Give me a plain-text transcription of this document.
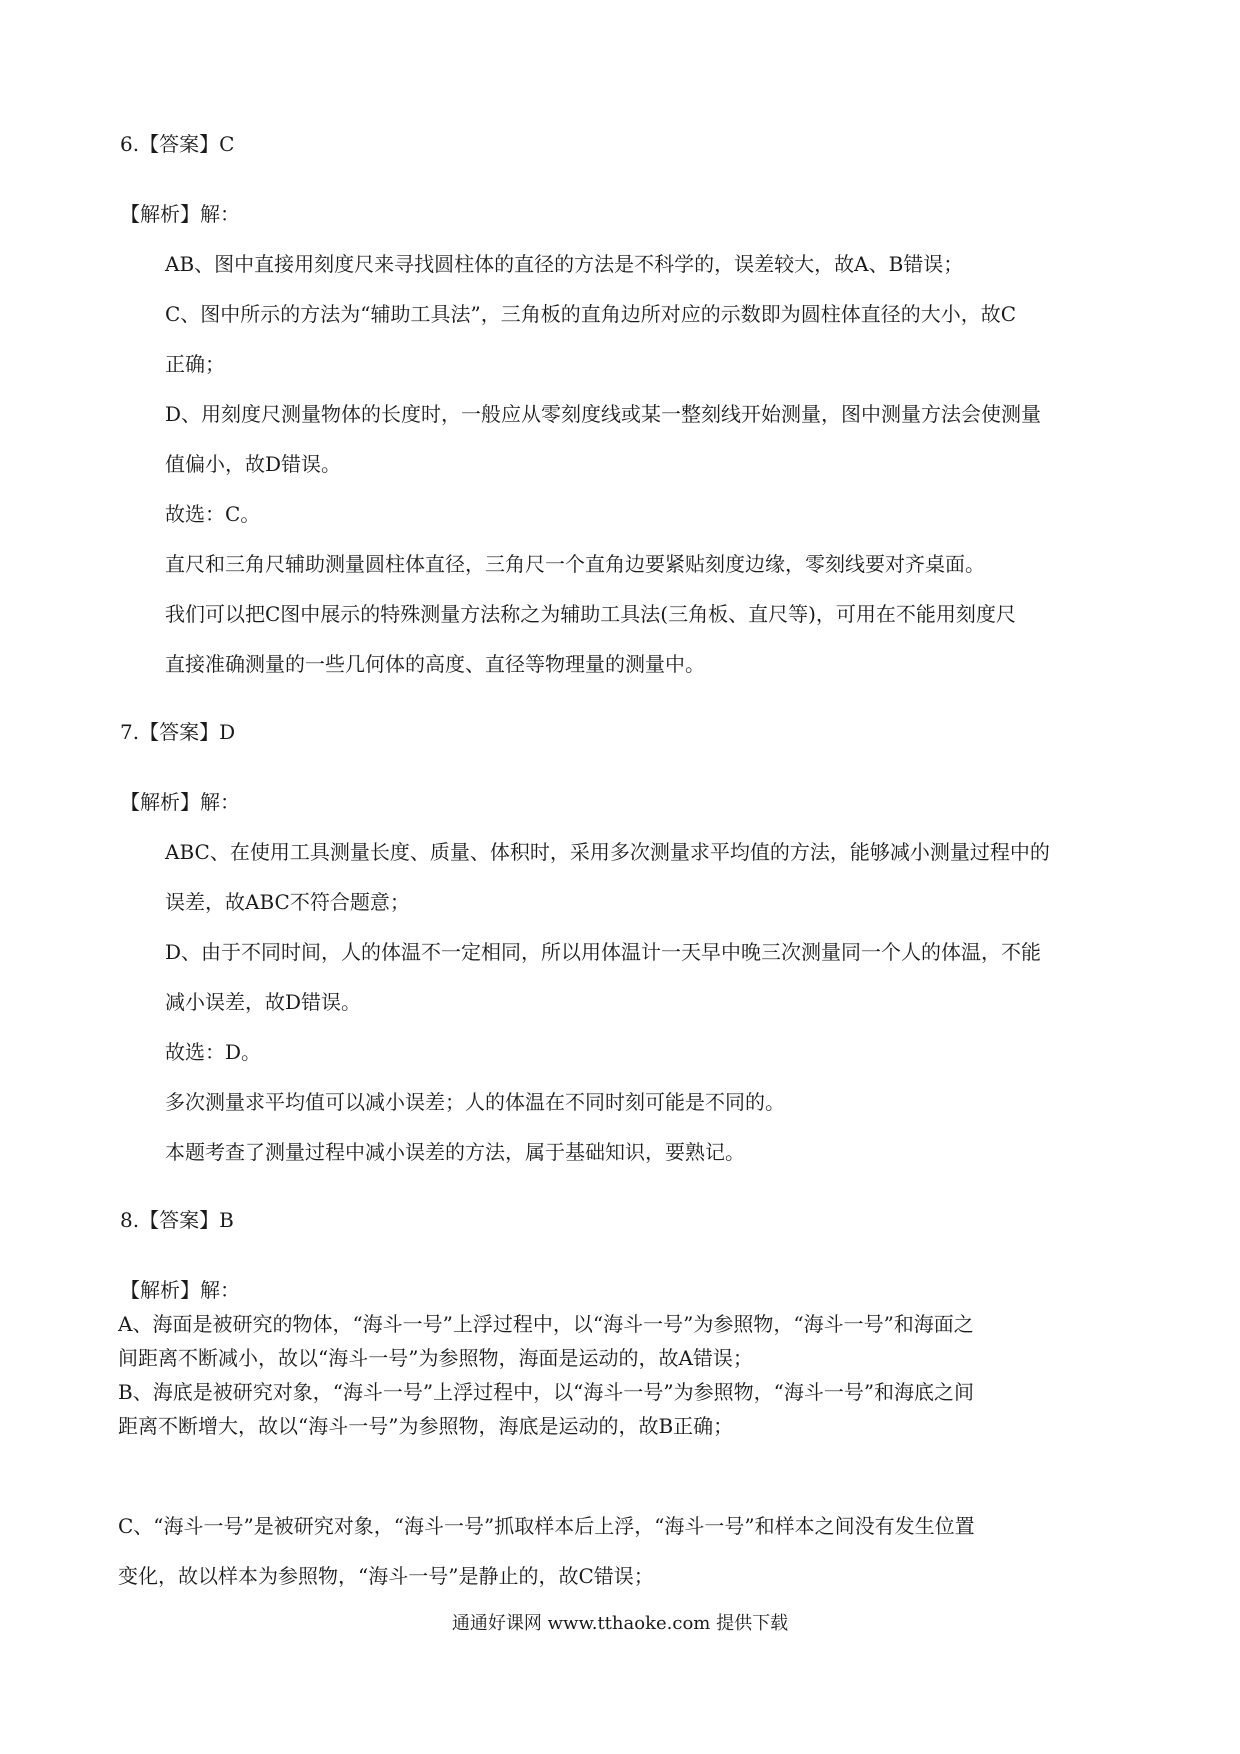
6.【答案】C
【解析】解：
AB、图中直接用刻度尺来寻找圆柱体的直径的方法是不科学的，误差较大，故A、B错误；
C、图中所示的方法为“辅助工具法”，三角板的直角边所对应的示数即为圆柱体直径的大小，故C
正确；
D、用刻度尺测量物体的长度时，一般应从零刻度线或某一整刻线开始测量，图中测量方法会使测量
值偏小，故D错误。
故选：C。
直尺和三角尺辅助测量圆柱体直径，三角尺一个直角边要紧贴刻度边缘，零刻线要对齐桌面。
我们可以把C图中展示的特殊测量方法称之为辅助工具法(三角板、直尺等)，可用在不能用刻度尺
直接准确测量的一些几何体的高度、直径等物理量的测量中。
7.【答案】D
【解析】解：
ABC、在使用工具测量长度、质量、体积时，采用多次测量求平均值的方法，能够减小测量过程中的
误差，故ABC不符合题意；
D、由于不同时间，人的体温不一定相同，所以用体温计一天早中晚三次测量同一个人的体温，不能
减小误差，故D错误。
故选：D。
多次测量求平均值可以减小误差；人的体温在不同时刻可能是不同的。
本题考查了测量过程中减小误差的方法，属于基础知识，要熟记。
8.【答案】B
【解析】解：
A、海面是被研究的物体，“海斗一号”上浮过程中，以“海斗一号”为参照物，“海斗一号”和海面之
间距离不断减小，故以“海斗一号”为参照物，海面是运动的，故A错误；
B、海底是被研究对象，“海斗一号”上浮过程中，以“海斗一号”为参照物，“海斗一号”和海底之间
距离不断增大，故以“海斗一号”为参照物，海底是运动的，故B正确；
C、“海斗一号”是被研究对象，“海斗一号”抓取样本后上浮，“海斗一号”和样本之间没有发生位置
变化，故以样本为参照物，“海斗一号”是静止的，故C错误；
通通好课网 www.tthaoke.com 提供下载
